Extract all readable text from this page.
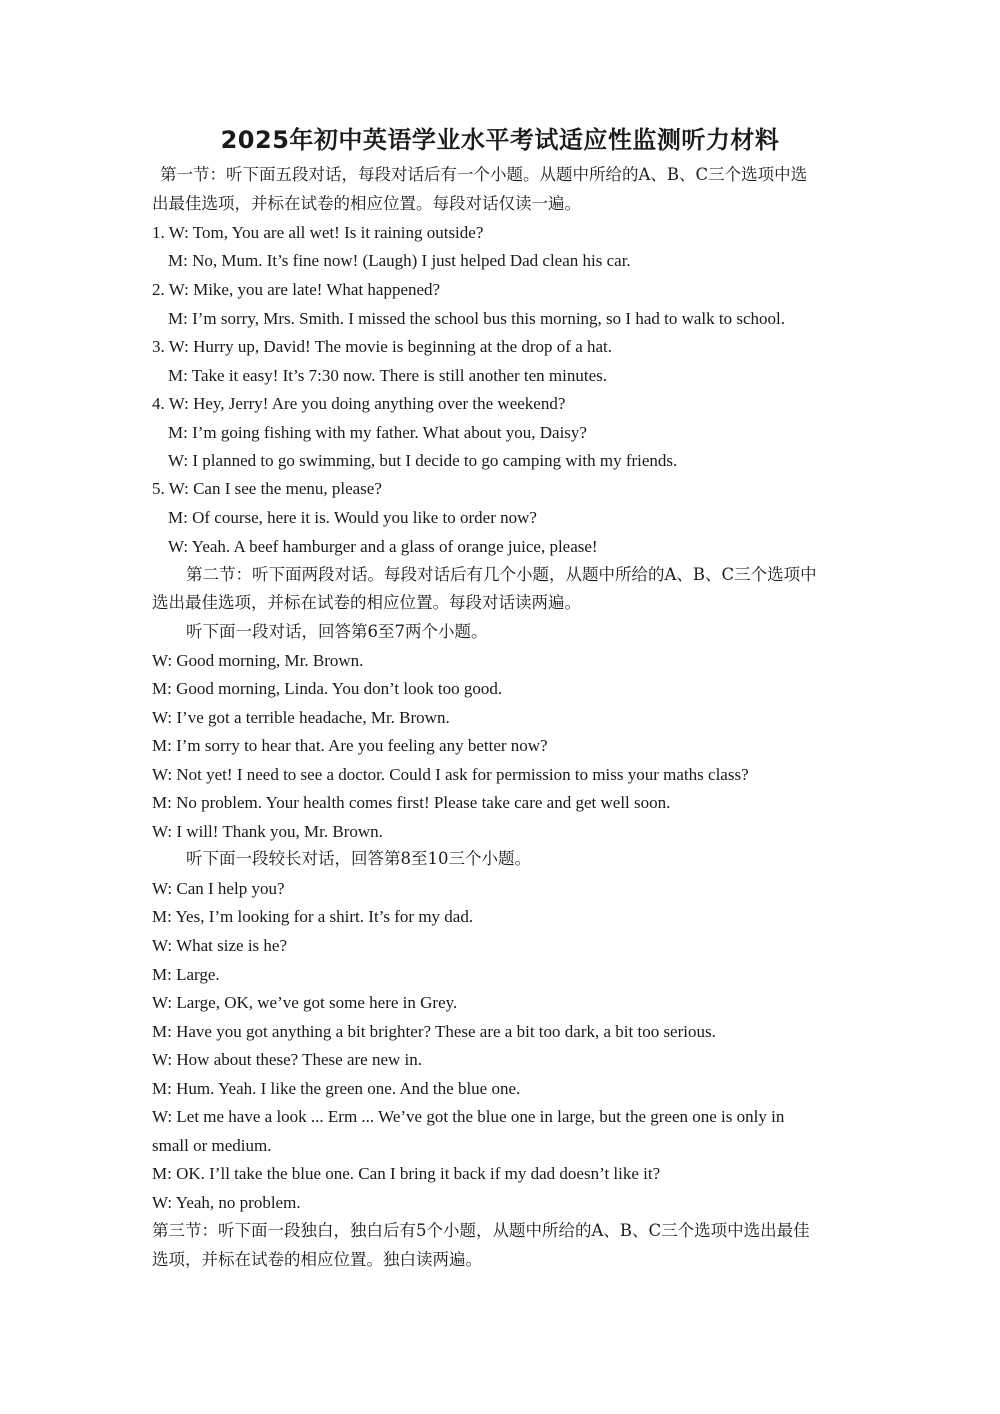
2025年初中英语学业水平考试适应性监测听力材料
第一节：听下面五段对话，每段对话后有一个小题。从题中所给的A、B、C三个选项中选
出最佳选项，并标在试卷的相应位置。每段对话仅读一遍。
1. W: Tom, You are all wet! Is it raining outside?
M: No, Mum. It’s fine now! (Laugh) I just helped Dad clean his car.
2. W: Mike, you are late! What happened?
M: I’m sorry, Mrs. Smith. I missed the school bus this morning, so I had to walk to school.
3. W: Hurry up, David! The movie is beginning at the drop of a hat.
M: Take it easy! It’s 7:30 now. There is still another ten minutes.
4. W: Hey, Jerry! Are you doing anything over the weekend?
M: I’m going fishing with my father. What about you, Daisy?
W: I planned to go swimming, but I decide to go camping with my friends.
5. W: Can I see the menu, please?
M: Of course, here it is. Would you like to order now?
W: Yeah. A beef hamburger and a glass of orange juice, please!
第二节：听下面两段对话。每段对话后有几个小题，从题中所给的A、B、C三个选项中
选出最佳选项，并标在试卷的相应位置。每段对话读两遍。
听下面一段对话，回答第6至7两个小题。
W: Good morning, Mr. Brown.
M: Good morning, Linda. You don’t look too good.
W: I’ve got a terrible headache, Mr. Brown.
M: I’m sorry to hear that. Are you feeling any better now?
W: Not yet! I need to see a doctor. Could I ask for permission to miss your maths class?
M: No problem. Your health comes first! Please take care and get well soon.
W: I will! Thank you, Mr. Brown.
听下面一段较长对话，回答第8至10三个小题。
W: Can I help you?
M: Yes, I’m looking for a shirt. It’s for my dad.
W: What size is he?
M: Large.
W: Large, OK, we’ve got some here in Grey.
M: Have you got anything a bit brighter? These are a bit too dark, a bit too serious.
W: How about these? These are new in.
M: Hum. Yeah. I like the green one. And the blue one.
W: Let me have a look ... Erm ... We’ve got the blue one in large, but the green one is only in
small or medium.
M: OK. I’ll take the blue one. Can I bring it back if my dad doesn’t like it?
W: Yeah, no problem.
第三节：听下面一段独白，独白后有5个小题，从题中所给的A、B、C三个选项中选出最佳
选项，并标在试卷的相应位置。独白读两遍。
